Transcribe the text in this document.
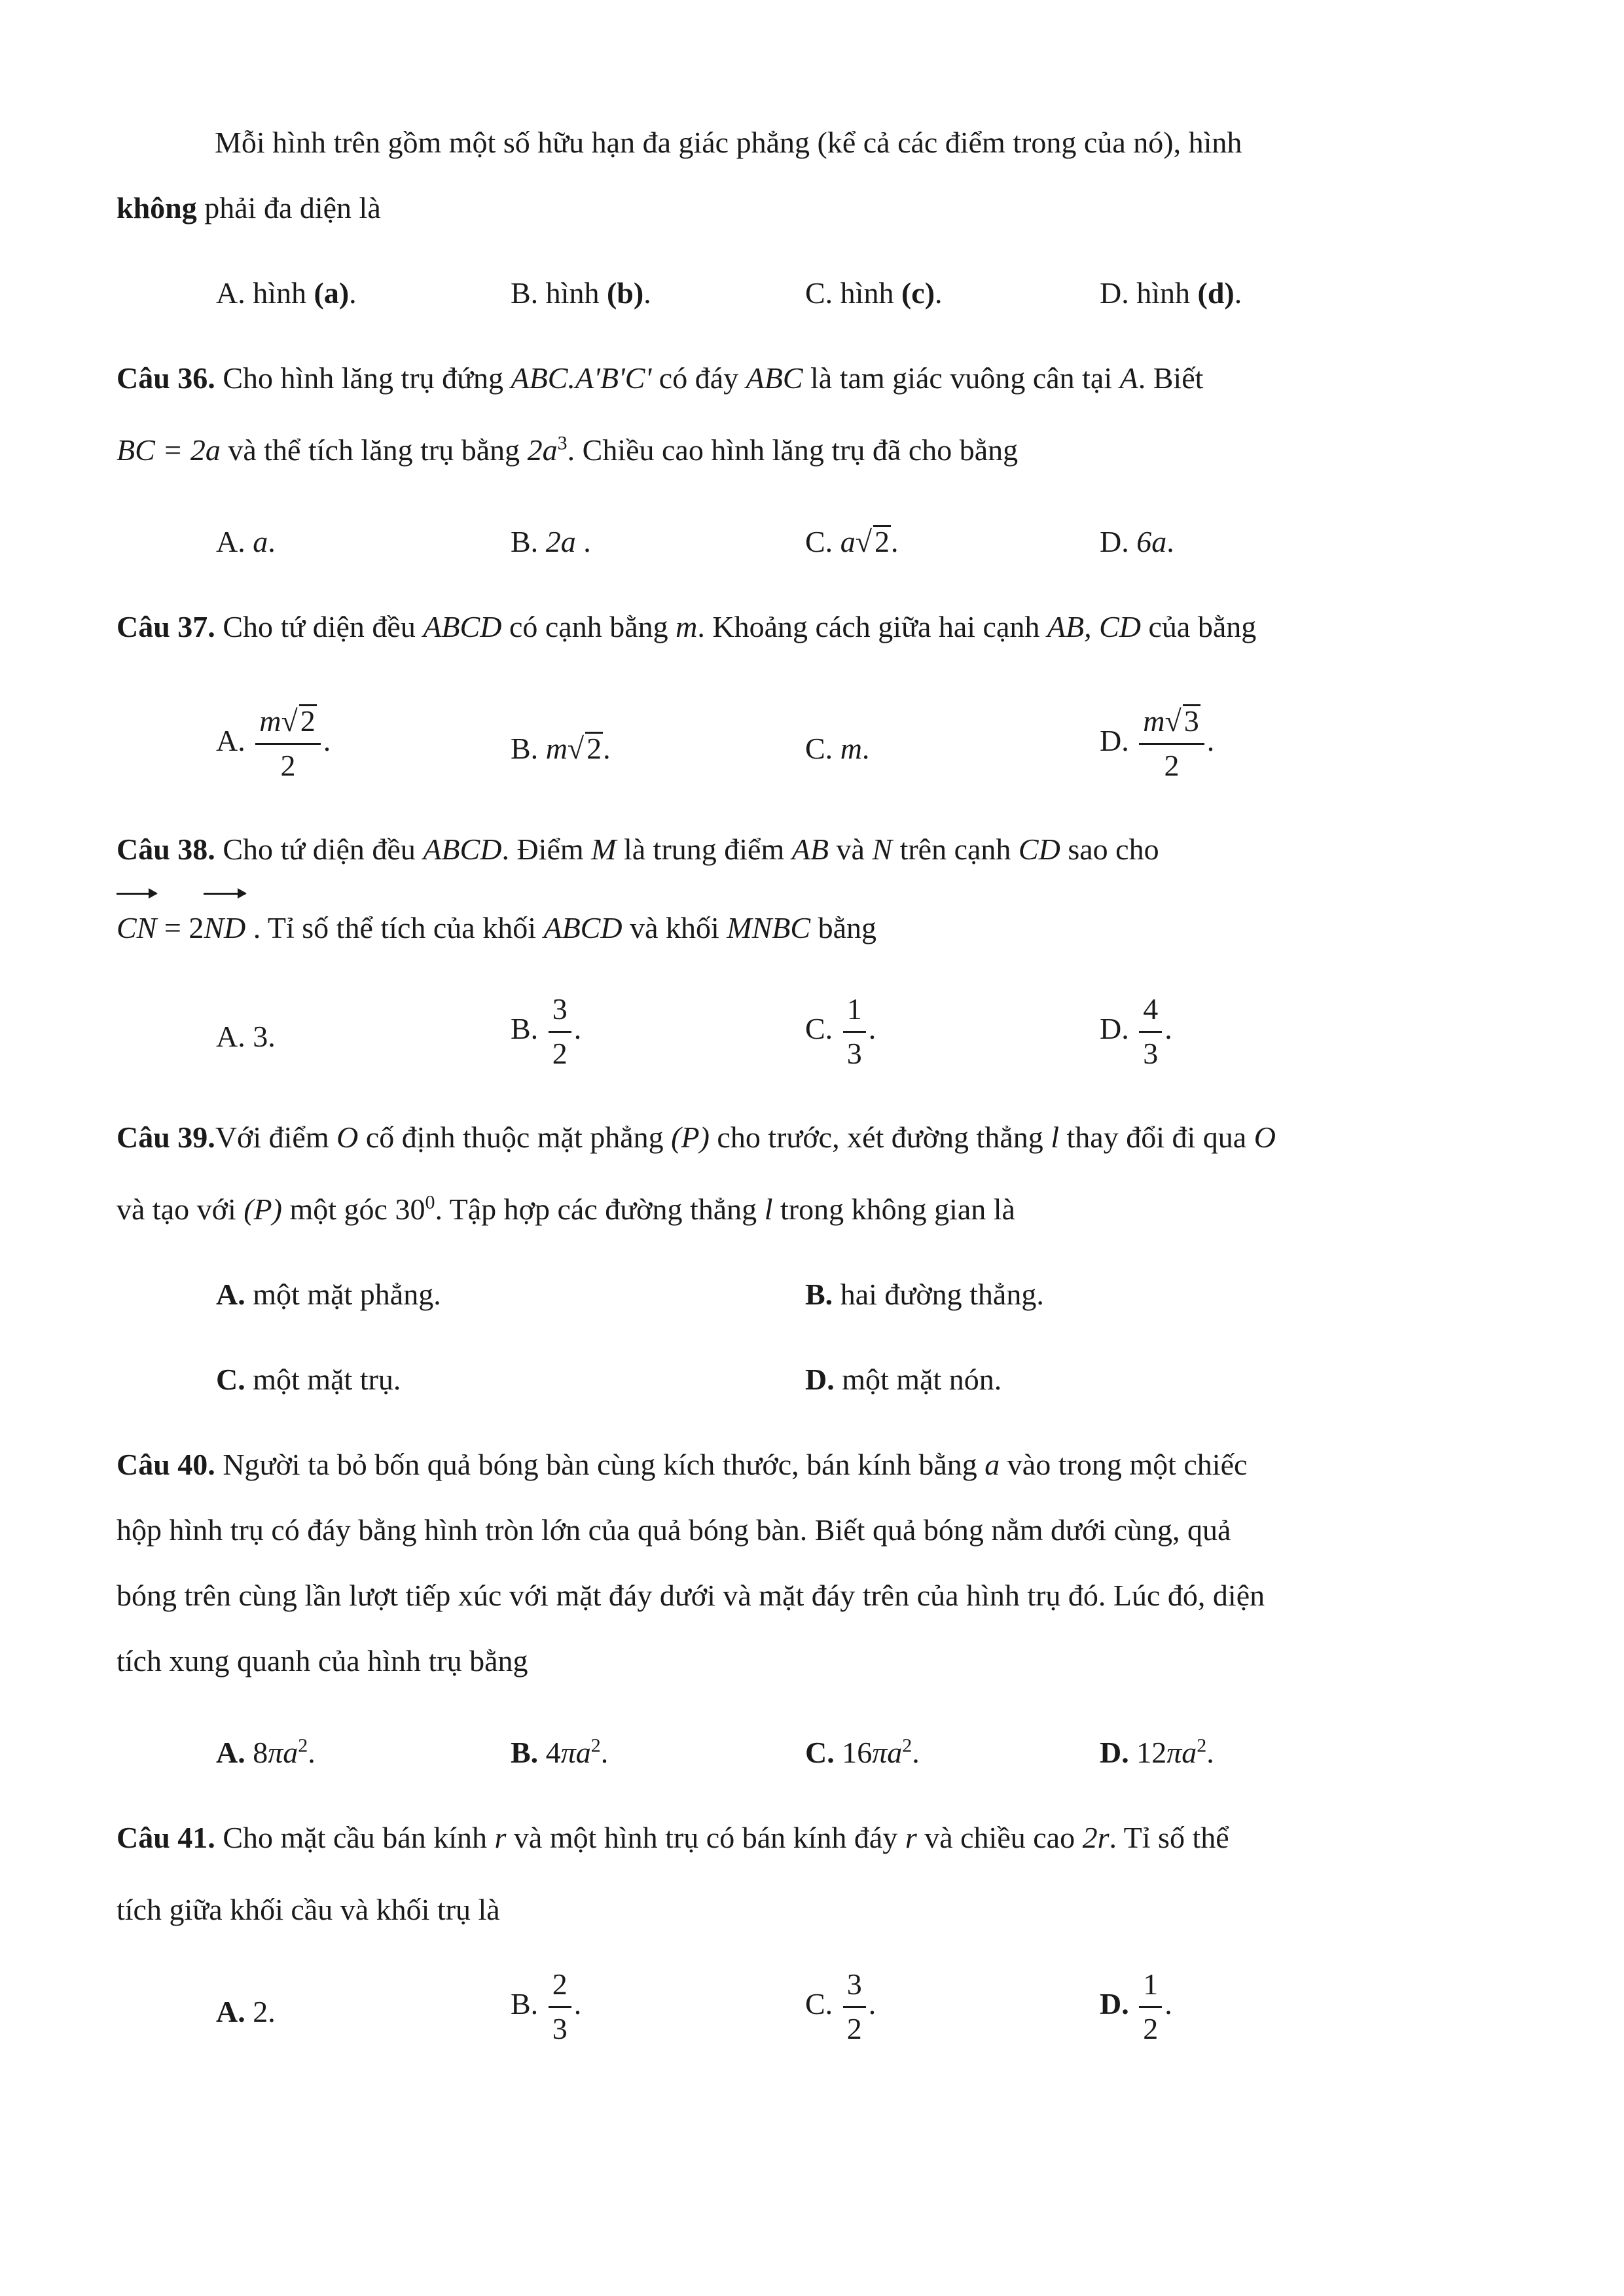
Mỗi hình trên gồm một số hữu hạn đa giác phẳng (kể cả các điểm trong của nó), hình

không phải đa diện là

A. hình (a).	B. hình (b).	C. hình (c).	D. hình (d).

Câu 36. Cho hình lăng trụ đứng ABC.A'B'C' có đáy ABC là tam giác vuông cân tại A. Biết

BC = 2a và thể tích lăng trụ bằng $2a^3$. Chiều cao hình lăng trụ đã cho bằng

A. a.	B. 2a .	C. a√2.	D. 6a.

Câu 37. Cho tứ diện đều ABCD có cạnh bằng m. Khoảng cách giữa hai cạnh AB, CD của bằng

A. $\frac{m√2}{2}$ .	B. m√2.	C. m.	D. $\frac{m√3}{2}$ .

Câu 38. Cho tứ diện đều ABCD. Điểm M là trung điểm AB và N trên cạnh CD sao cho

CN = 2ND . Tỉ số thể tích của khối ABCD và khối MNBC bằng

A. 3.	B. $\frac{3}{2}$ .	C. $\frac{1}{3}$ .	D. $\frac{4}{3}$ .

Câu 39.Với điểm O cố định thuộc mặt phẳng (P) cho trước, xét đường thẳng l thay đổi đi qua O

và tạo với (P) một góc $30^0$. Tập hợp các đường thẳng l trong không gian là

A. một mặt phẳng.	B. hai đường thẳng.
C. một mặt trụ.	D. một mặt nón.

Câu 40. Người ta bỏ bốn quả bóng bàn cùng kích thước, bán kính bằng a vào trong một chiếc

hộp hình trụ có đáy bằng hình tròn lớn của quả bóng bàn. Biết quả bóng nằm dưới cùng, quả

bóng trên cùng lần lượt tiếp xúc với mặt đáy dưới và mặt đáy trên của hình trụ đó. Lúc đó, diện

tích xung quanh của hình trụ bằng

A. $8\pi a^2$.	B. $4\pi a^2$.	C. $16\pi a^2$.	D. $12\pi a^2$.

Câu 41. Cho mặt cầu bán kính r và một hình trụ có bán kính đáy r và chiều cao 2r. Tỉ số thể

tích giữa khối cầu và khối trụ là

A. 2.	B. $\frac{2}{3}$ .	C. $\frac{3}{2}$ .	D. $\frac{1}{2}$ .
